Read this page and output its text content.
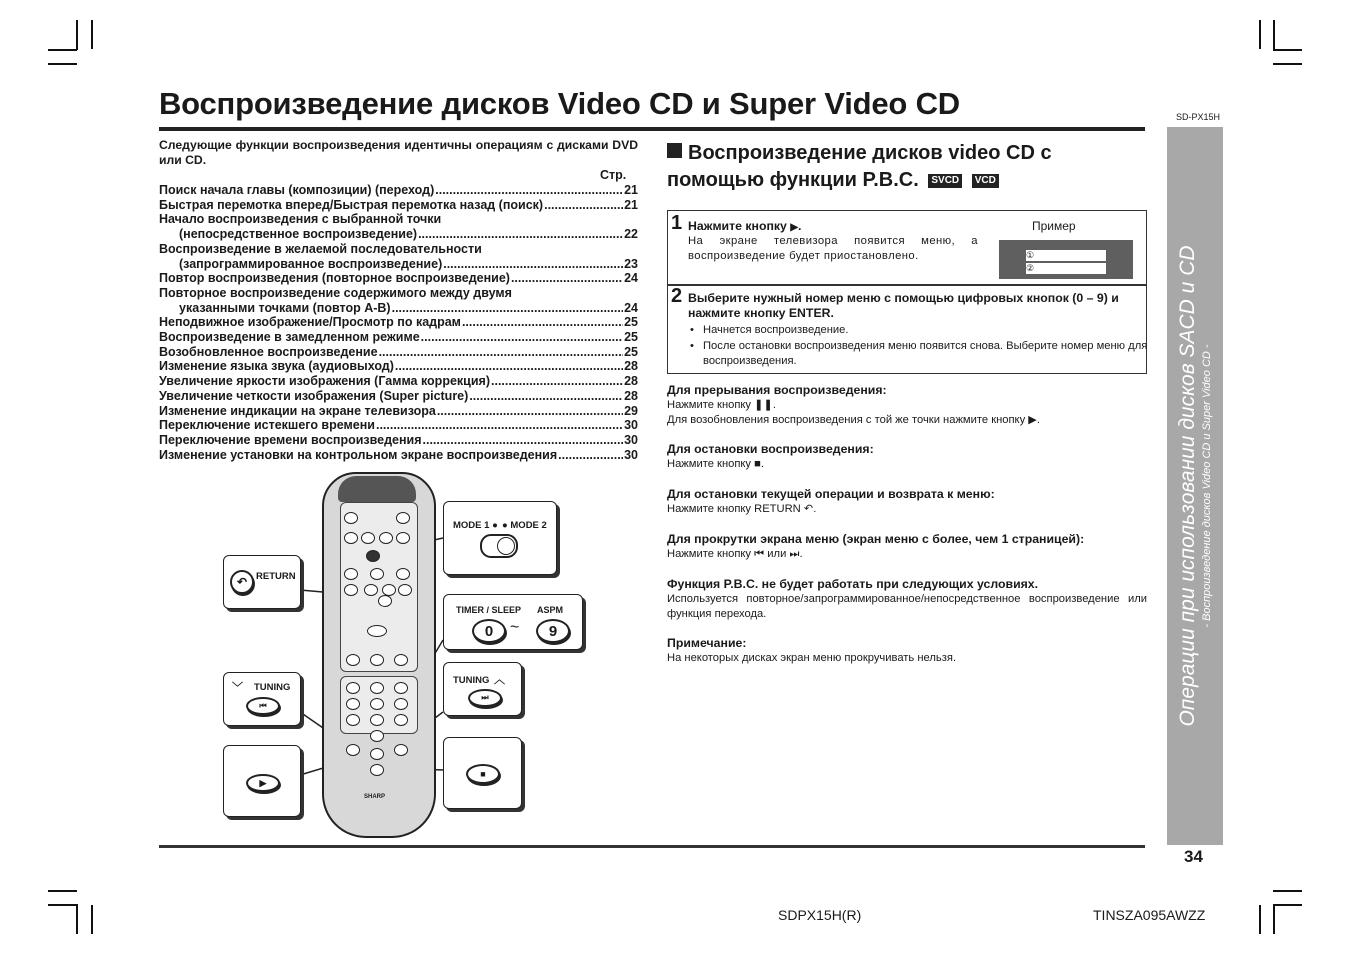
Воспроизведение дисков Video CD и Super Video CD	SD-PX15H
Операции при использовании дисков SACD и CD - Воспроизведение дисков Video CD и Super Video CD -
Следующие функции воспроизведения идентичны операциям с дисками DVD или CD.
Стр.
Поиск начала главы (композиции) (переход) .....	21
Быстрая перемотка вперед/Быстрая перемотка назад (поиск) .....	21
Начало воспроизведения с выбранной точки
(непосредственное воспроизведение) .....	22
Воспроизведение в желаемой последовательности
(запрограммированное воспроизведение) .....	23
Повтор воспроизведения (повторное воспроизведение) .....	24
Повторное воспроизведение содержимого между двумя
указанными точками (повтор A-B) .....	24
Неподвижное изображение/Просмотр по кадрам .....	25
Воспроизведение в замедленном режиме .....	25
Возобновленное воспроизведение .....	25
Изменение языка звука (аудиовыход) .....	28
Увеличение яркости изображения (Гамма коррекция) .....	28
Увеличение четкости изображения (Super picture) .....	28
Изменение индикации на экране телевизора .....	29
Переключение истекшего времени .....	30
Переключение времени воспроизведения .....	30
Изменение установки на контрольном экране воспроизведения .....	30
SHARP
MODE 1 ● ● MODE 2
↶ RETURN
TIMER / SLEEP ASPM
0	~	9
﹀ TUNING
⏮
TUNING ︿
⏭
▶
■
Воспроизведение дисков video CD с
помощью функции P.B.C. SVCD VCD
1 Нажмите кнопку ▶.
На экране телевизора появится меню, а воспроизведение будет приостановлено.
Пример
①
②
2 Выберите нужный номер меню с помощью цифровых кнопок (0 – 9) и нажмите кнопку ENTER.
• Начнется воспроизведение.
• После остановки воспроизведения меню появится снова. Выберите номер меню для воспроизведения.
Для прерывания воспроизведения:
Нажмите кнопку ❚❚.
Для возобновления воспроизведения с той же точки нажмите кнопку ▶.
Для остановки воспроизведения:
Нажмите кнопку ■.
Для остановки текущей операции и возврата к меню:
Нажмите кнопку RETURN ↶.
Для прокрутки экрана меню (экран меню с более, чем 1 страницей):
Нажмите кнопку ⏮ или ⏭.
Функция P.B.C. не будет работать при следующих условиях.
Используется повторное/запрограммированное/непосредственное воспроизведение или функция перехода.
Примечание:
На некоторых дисках экран меню прокручивать нельзя.
34
SDPX15H(R)	TINSZA095AWZZ
